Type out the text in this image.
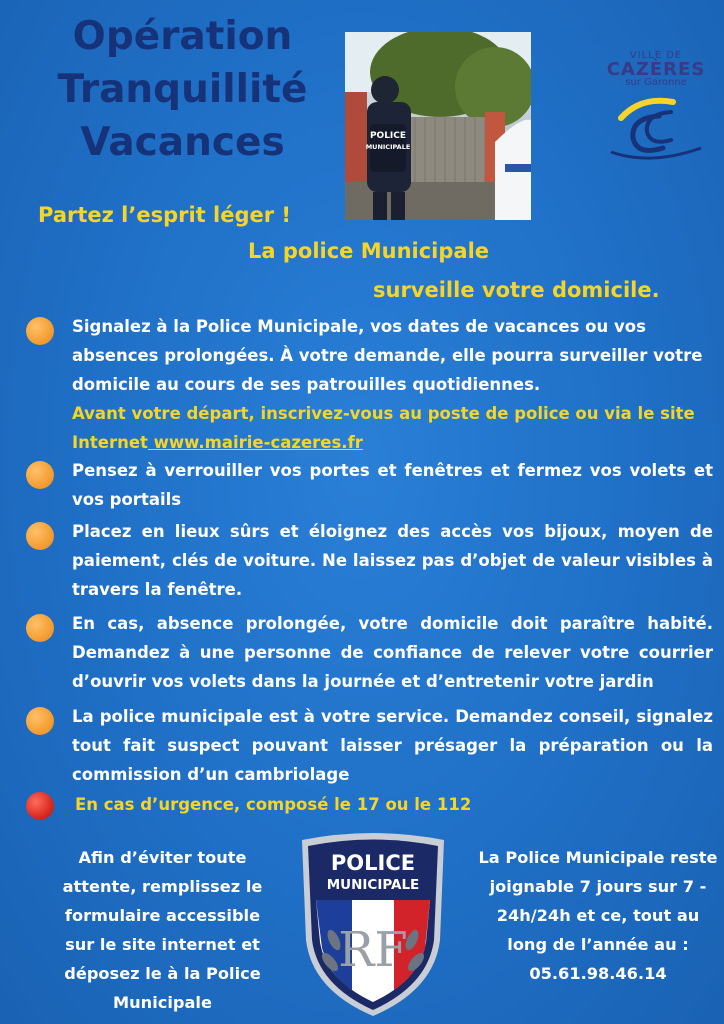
Opération
Tranquillité
Vacances
Partez l’esprit léger !
La police Municipale
surveille votre domicile.
POLICE
MUNICIPALE
VILLE DE
CAZÈRES
sur Garonne
Signalez à la Police Municipale, vos dates de vacances ou vos absences prolongées. À votre demande, elle pourra surveiller votre domicile au cours de ses patrouilles quotidiennes.
Avant votre départ, inscrivez-vous au poste de police ou via le site Internet www.mairie-cazeres.fr
Pensez à verrouiller vos portes et fenêtres et fermez vos volets et vos portails
Placez en lieux sûrs et éloignez des accès vos bijoux, moyen de paiement, clés de voiture. Ne laissez pas d’objet de valeur visibles à travers la fenêtre.
En cas, absence prolongée, votre domicile doit paraître habité. Demandez à une personne de confiance de relever votre courrier d’ouvrir vos volets dans la journée et d’entretenir votre jardin
La police municipale est à votre service. Demandez conseil, signalez tout fait suspect pouvant laisser présager la préparation ou la commission d’un cambriolage
En cas d’urgence, composé le 17 ou le 112
Afin d’éviter toute attente, remplissez le formulaire accessible sur le site internet et déposez le à la Police Municipale
POLICE
MUNICIPALE
RF
La Police Municipale reste joignable 7 jours sur 7 - 24h/24h et ce, tout au long de l’année au :
05.61.98.46.14
